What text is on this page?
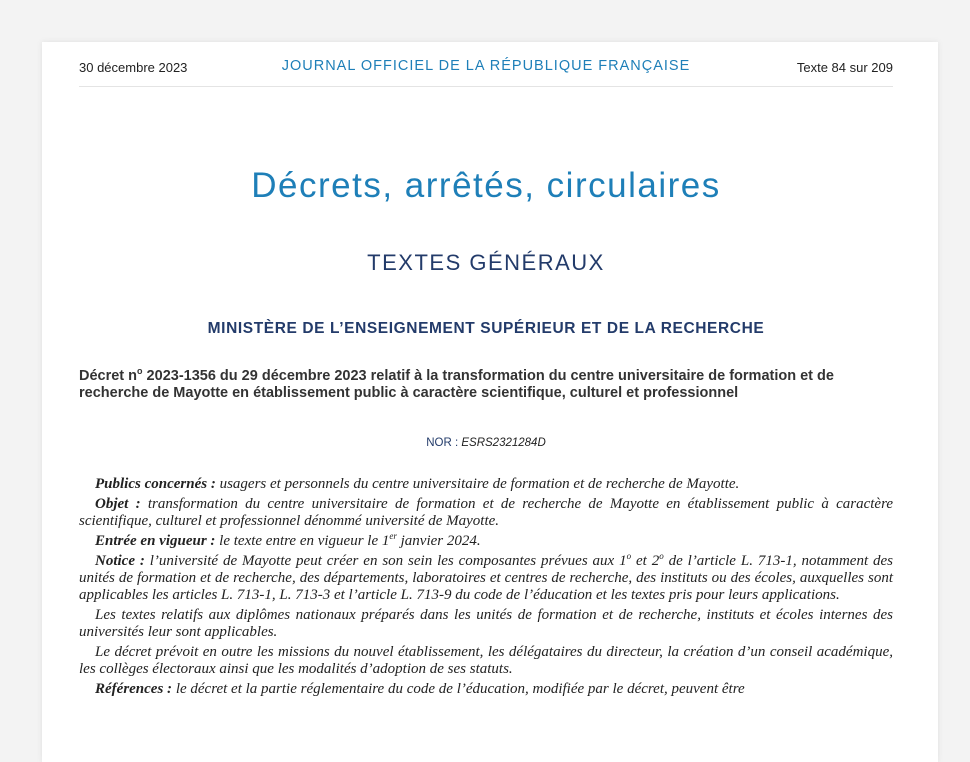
30 décembre 2023	JOURNAL OFFICIEL DE LA RÉPUBLIQUE FRANÇAISE	Texte 84 sur 209
Décrets, arrêtés, circulaires
TEXTES GÉNÉRAUX
MINISTÈRE DE L’ENSEIGNEMENT SUPÉRIEUR ET DE LA RECHERCHE
Décret $n^o$ 2023-1356 du 29 décembre 2023 relatif à la transformation du centre universitaire de formation et de recherche de Mayotte en établissement public à caractère scientifique, culturel et professionnel
NOR : ESRS2321284D

Publics concernés : usagers et personnels du centre universitaire de formation et de recherche de Mayotte.

Objet : transformation du centre universitaire de formation et de recherche de Mayotte en établissement public à caractère scientifique, culturel et professionnel dénommé université de Mayotte.

Entrée en vigueur : le texte entre en vigueur le 1er janvier 2024.

Notice : l’université de Mayotte peut créer en son sein les composantes prévues aux 1$^o$ et 2$^o$ de l’article L. 713-1, notamment des unités de formation et de recherche, des départements, laboratoires et centres de recherche, des instituts ou des écoles, auxquelles sont applicables les articles L. 713-1, L. 713-3 et l’article L. 713-9 du code de l’éducation et les textes pris pour leurs applications.

Les textes relatifs aux diplômes nationaux préparés dans les unités de formation et de recherche, instituts et écoles internes des universités leur sont applicables.

Le décret prévoit en outre les missions du nouvel établissement, les délégataires du directeur, la création d’un conseil académique, les collèges électoraux ainsi que les modalités d’adoption de ses statuts.

Références : le décret et la partie réglementaire du code de l’éducation, modifiée par le décret, peuvent être
